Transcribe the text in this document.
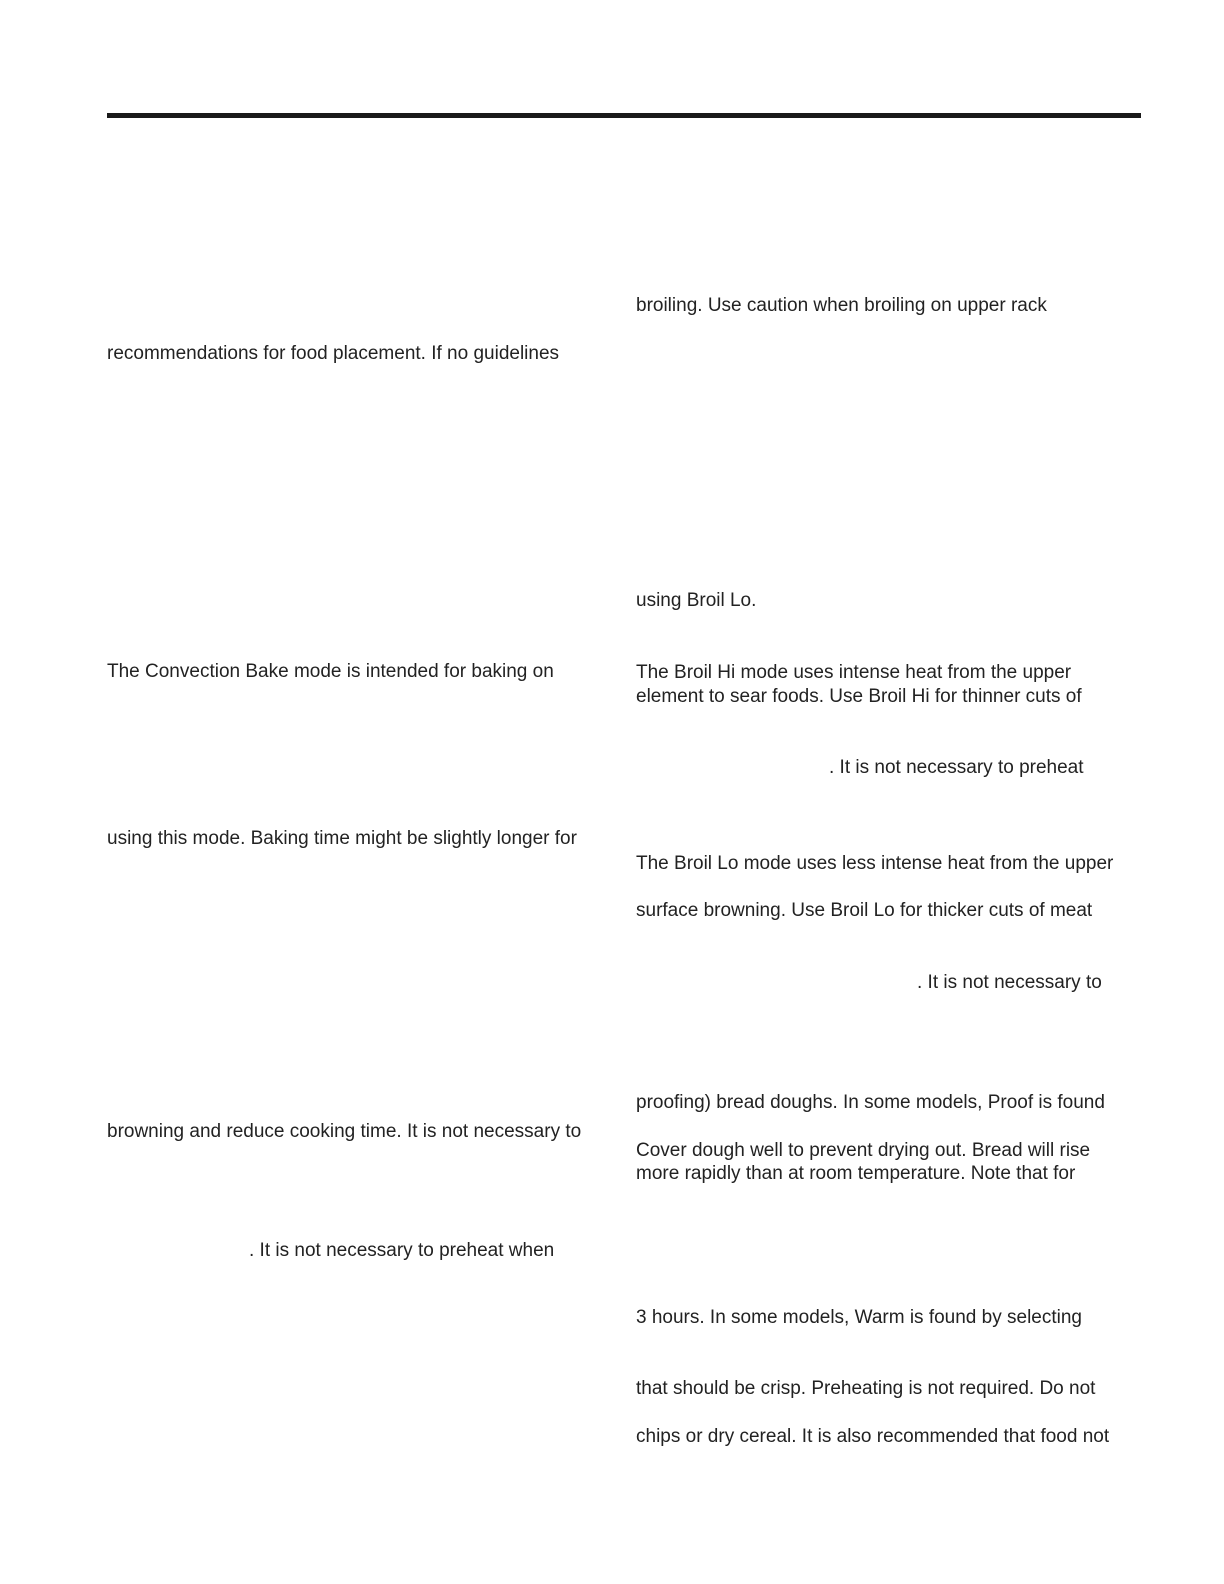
recommendations for food placement. If no guidelines

The Convection Bake mode is intended for baking on

using this mode. Baking time might be slightly longer for

browning and reduce cooking time. It is not necessary to

. It is not necessary to preheat when

broiling. Use caution when broiling on upper rack

using Broil Lo.

The Broil Hi mode uses intense heat from the upper

element to sear foods. Use Broil Hi for thinner cuts of

. It is not necessary to preheat

The Broil Lo mode uses less intense heat from the upper

surface browning. Use Broil Lo for thicker cuts of meat

. It is not necessary to

proofing) bread doughs. In some models, Proof is found

Cover dough well to prevent drying out. Bread will rise

more rapidly than at room temperature. Note that for

3 hours. In some models, Warm is found by selecting

that should be crisp. Preheating is not required. Do not

chips or dry cereal. It is also recommended that food not
